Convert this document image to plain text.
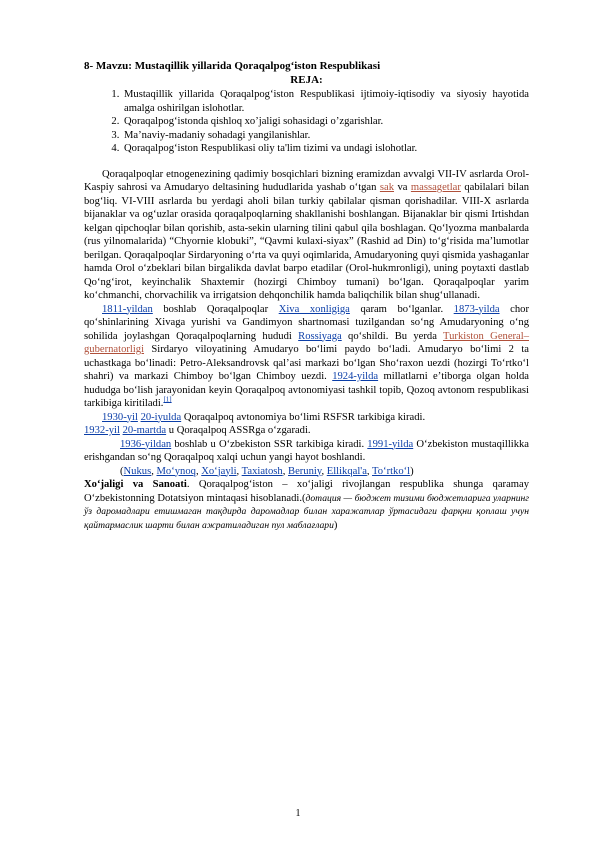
8- Mavzu: Mustaqillik yillarida Qoraqalpog‘iston Respublikasi

REJA:

1. Mustaqillik yillarida Qoraqalpog‘iston Respublikasi ijtimoiy-iqtisodiy va siyosiy hayotida amalga oshirilgan islohotlar.
2. Qoraqalpog‘istonda qishloq xo’jaligi sohasidagi o’zgarishlar.
3. Ma’naviy-madaniy sohadagi yangilanishlar.
4. Qoraqalpog‘iston Respublikasi oliy ta'lim tizimi va undagi islohotlar.

Qoraqalpoqlar etnogenezining qadimiy bosqichlari bizning eramizdan avvalgi VII-IV asrlarda Orol-Kaspiy sahrosi va Amudaryo deltasining hududlarida yashab oʻtgan sak va massagetlar qabilalari bilan bogʻliq. VI-VIII asrlarda bu yerdagi aholi bilan turkiy qabilalar qisman qorishadilar. VIII-X asrlarda bijanaklar va ogʻuzlar orasida qoraqalpoqlarning shakllanishi boshlangan. Bijanaklar bir qismi Irtishdan kelgan qipchoqlar bilan qorishib, asta-sekin ularning tilini qabul qila boshlagan. Qoʻlyozma manbalarda (rus yilnomalarida) “Chyornie klobuki”, “Qavmi kulaxi-siyax” (Rashid ad Din) toʻgʻrisida maʼlumotlar berilgan. Qoraqalpoqlar Sirdaryoning oʻrta va quyi oqimlarida, Amudaryoning quyi qismida yashaganlar hamda Orol oʻzbeklari bilan birgalikda davlat barpo etadilar (Orol-hukmronligi), uning poytaxti dastlab Qoʻngʻirot, keyinchalik Shaxtemir (hozirgi Chimboy tumani) boʻlgan. Qoraqalpoqlar yarim koʻchmanchi, chorvachilik va irrigatsion dehqonchilik hamda baliqchilik bilan shugʻullanadi.

1811-yildan boshlab Qoraqalpoqlar Xiva xonligiga qaram boʻlganlar. 1873-yilda chor qoʻshinlarining Xivaga yurishi va Gandimyon shartnomasi tuzilgandan soʻng Amudaryoning oʻng sohilida joylashgan Qoraqalpoqlarning hududi Rossiyaga qoʻshildi. Bu yerda Turkiston General–gubernatorligi Sirdaryo viloyatining Amudaryo boʻlimi paydo boʻladi. Amudaryo boʻlimi 2 ta uchastkaga boʻlinadi: Petro-Aleksandrovsk qalʼasi markazi boʻlgan Shoʻraxon uezdi (hozirgi Toʻrtkoʻl shahri) va markazi Chimboy boʻlgan Chimboy uezdi. 1924-yilda millatlarni eʼtiborga olgan holda hududga boʻlish jarayonidan keyin Qoraqalpoq avtonomiyasi tashkil topib, Qozoq avtonom respublikasi tarkibiga kiritiladi.[1]

1930-yil 20-iyulda Qoraqalpoq avtonomiya boʻlimi RSFSR tarkibiga kiradi.

1932-yil 20-martda u Qoraqalpoq ASSRga oʻzgaradi.

1936-yildan boshlab u Oʻzbekiston SSR tarkibiga kiradi. 1991-yilda Oʻzbekiston mustaqillikka erishgandan soʻng Qoraqalpoq xalqi uchun yangi hayot boshlandi.

(Nukus, Moʻynoq, Xoʻjayli, Taxiatosh, Beruniy, Ellikqal'a, Toʻrtkoʻl)

Xoʻjaligi va Sanoati. Qoraqalpogʻiston – xoʻjaligi rivojlangan respublika shunga qaramay Oʻzbekistonning Dotatsiyon mintaqasi hisoblanadi.(дотация — бюджет тизими бюджетларига уларнинг ўз даромадлари етишмаган тақдирда даромадлар билан харажатлар ўртасидаги фарқни қоплаш учун қайтармаслик шарти билан ажратиладиган пул маблағлари)

1
